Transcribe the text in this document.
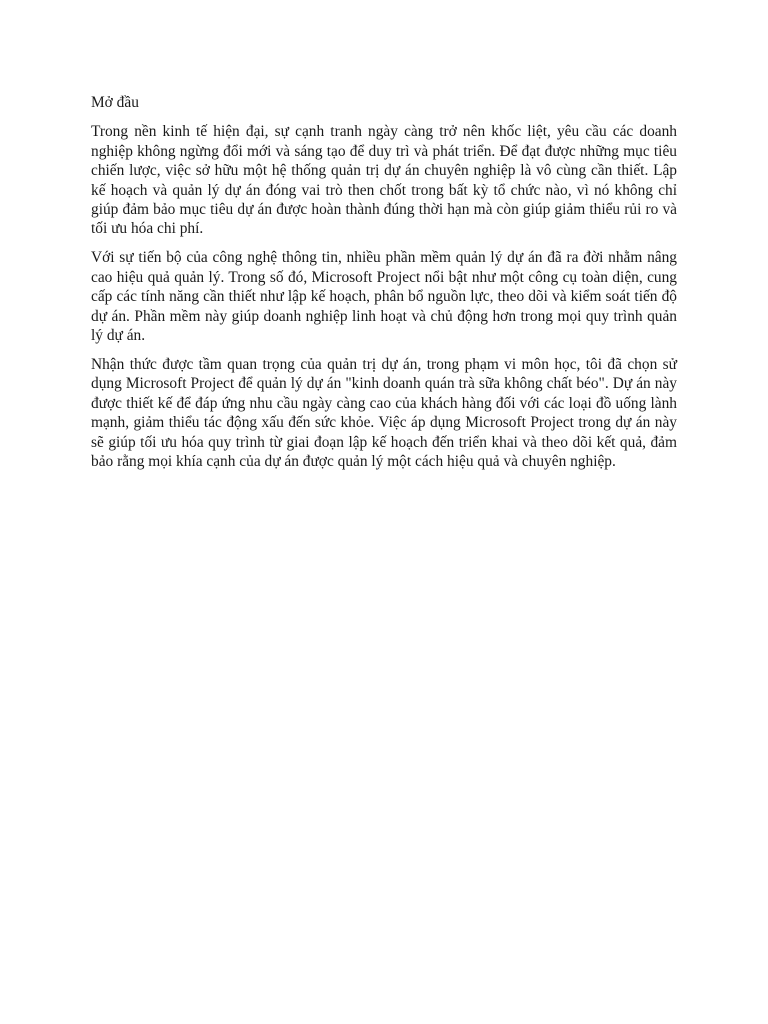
Mở đầu

Trong nền kinh tế hiện đại, sự cạnh tranh ngày càng trở nên khốc liệt, yêu cầu các doanh nghiệp không ngừng đổi mới và sáng tạo để duy trì và phát triển. Để đạt được những mục tiêu chiến lược, việc sở hữu một hệ thống quản trị dự án chuyên nghiệp là vô cùng cần thiết. Lập kế hoạch và quản lý dự án đóng vai trò then chốt trong bất kỳ tổ chức nào, vì nó không chỉ giúp đảm bảo mục tiêu dự án được hoàn thành đúng thời hạn mà còn giúp giảm thiểu rủi ro và tối ưu hóa chi phí.

Với sự tiến bộ của công nghệ thông tin, nhiều phần mềm quản lý dự án đã ra đời nhằm nâng cao hiệu quả quản lý. Trong số đó, Microsoft Project nổi bật như một công cụ toàn diện, cung cấp các tính năng cần thiết như lập kế hoạch, phân bổ nguồn lực, theo dõi và kiểm soát tiến độ dự án. Phần mềm này giúp doanh nghiệp linh hoạt và chủ động hơn trong mọi quy trình quản lý dự án.

Nhận thức được tầm quan trọng của quản trị dự án, trong phạm vi môn học, tôi đã chọn sử dụng Microsoft Project để quản lý dự án "kinh doanh quán trà sữa không chất béo". Dự án này được thiết kế để đáp ứng nhu cầu ngày càng cao của khách hàng đối với các loại đồ uống lành mạnh, giảm thiểu tác động xấu đến sức khỏe. Việc áp dụng Microsoft Project trong dự án này sẽ giúp tối ưu hóa quy trình từ giai đoạn lập kế hoạch đến triển khai và theo dõi kết quả, đảm bảo rằng mọi khía cạnh của dự án được quản lý một cách hiệu quả và chuyên nghiệp.
